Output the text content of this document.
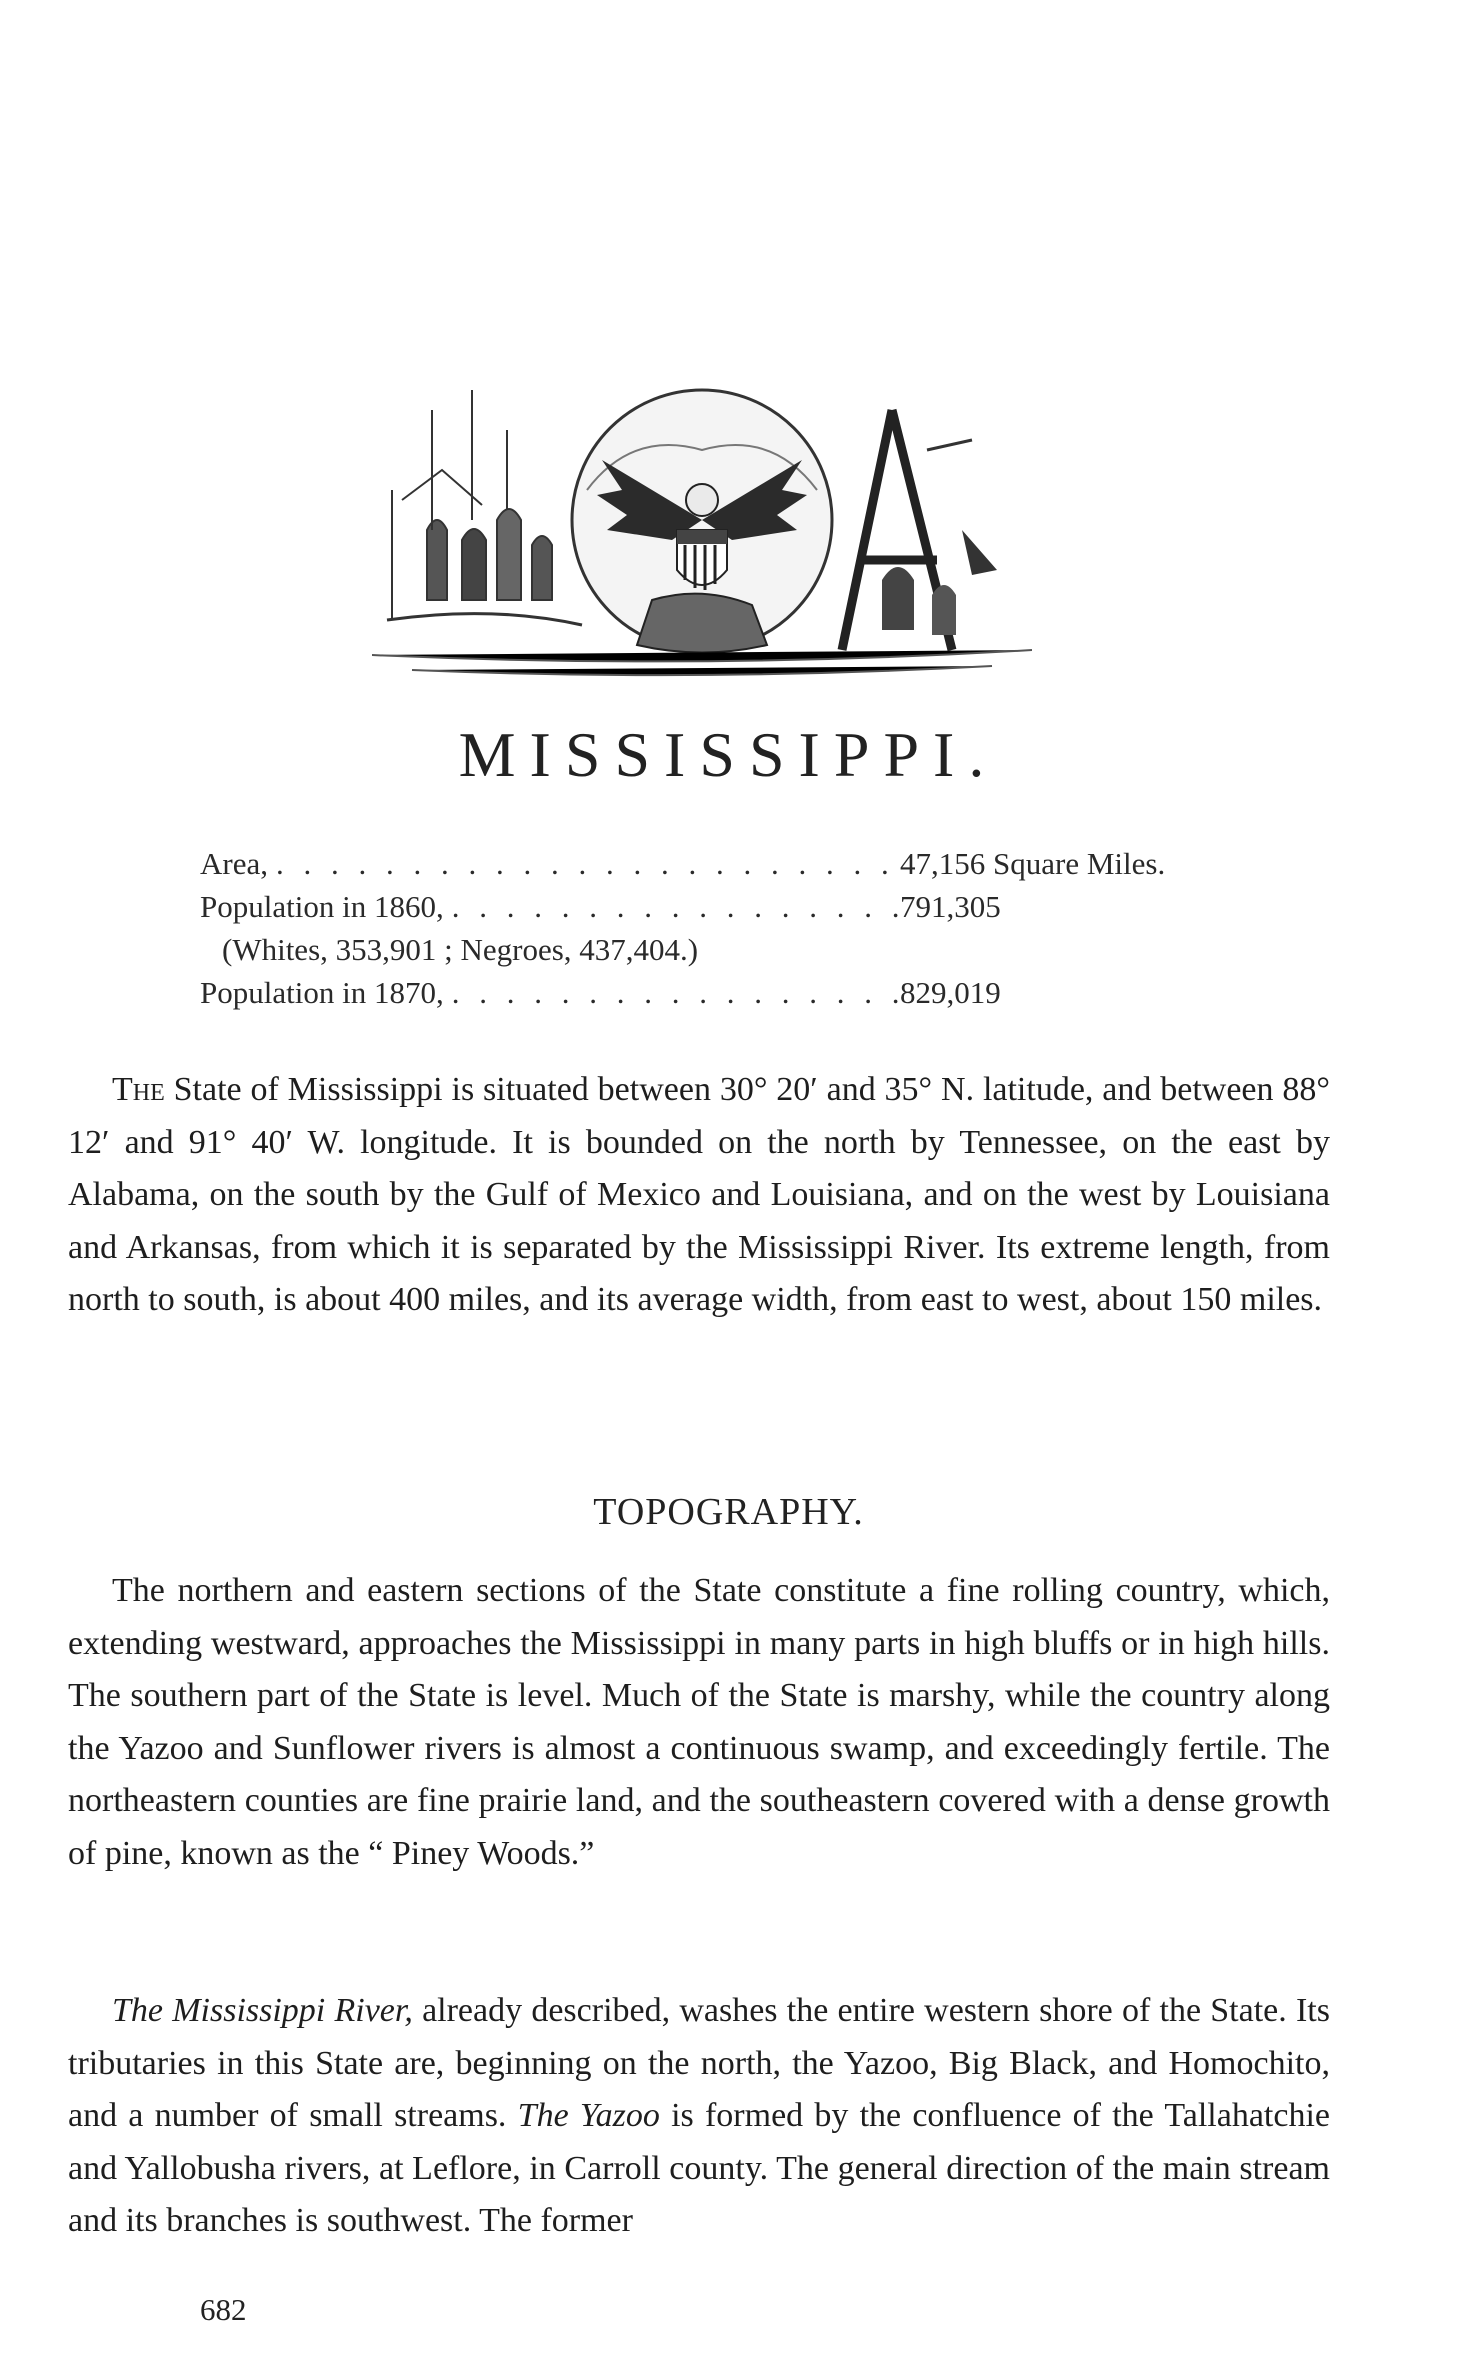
MISSISSIPPI.
Area, . . .	47,156 Square Miles.
Population in 1860, . . .	791,305
(Whites, 353,901 ; Negroes, 437,404.)
Population in 1870, . . .	829,019

The State of Mississippi is situated between 30° 20′ and 35° N. latitude, and between 88° 12′ and 91° 40′ W. longitude. It is bounded on the north by Tennessee, on the east by Alabama, on the south by the Gulf of Mexico and Louisiana, and on the west by Louisiana and Arkansas, from which it is separated by the Mississippi River. Its extreme length, from north to south, is about 400 miles, and its average width, from east to west, about 150 miles.

TOPOGRAPHY.

The northern and eastern sections of the State constitute a fine rolling country, which, extending westward, approaches the Mississippi in many parts in high bluffs or in high hills. The southern part of the State is level. Much of the State is marshy, while the country along the Yazoo and Sunflower rivers is almost a continuous swamp, and exceedingly fertile. The northeastern counties are fine prairie land, and the southeastern covered with a dense growth of pine, known as the “ Piney Woods.”

The Mississippi River, already described, washes the entire western shore of the State. Its tributaries in this State are, beginning on the north, the Yazoo, Big Black, and Homochito, and a number of small streams. The Yazoo is formed by the confluence of the Tallahatchie and Yallobusha rivers, at Leflore, in Carroll county. The general direction of the main stream and its branches is southwest. The former

682
